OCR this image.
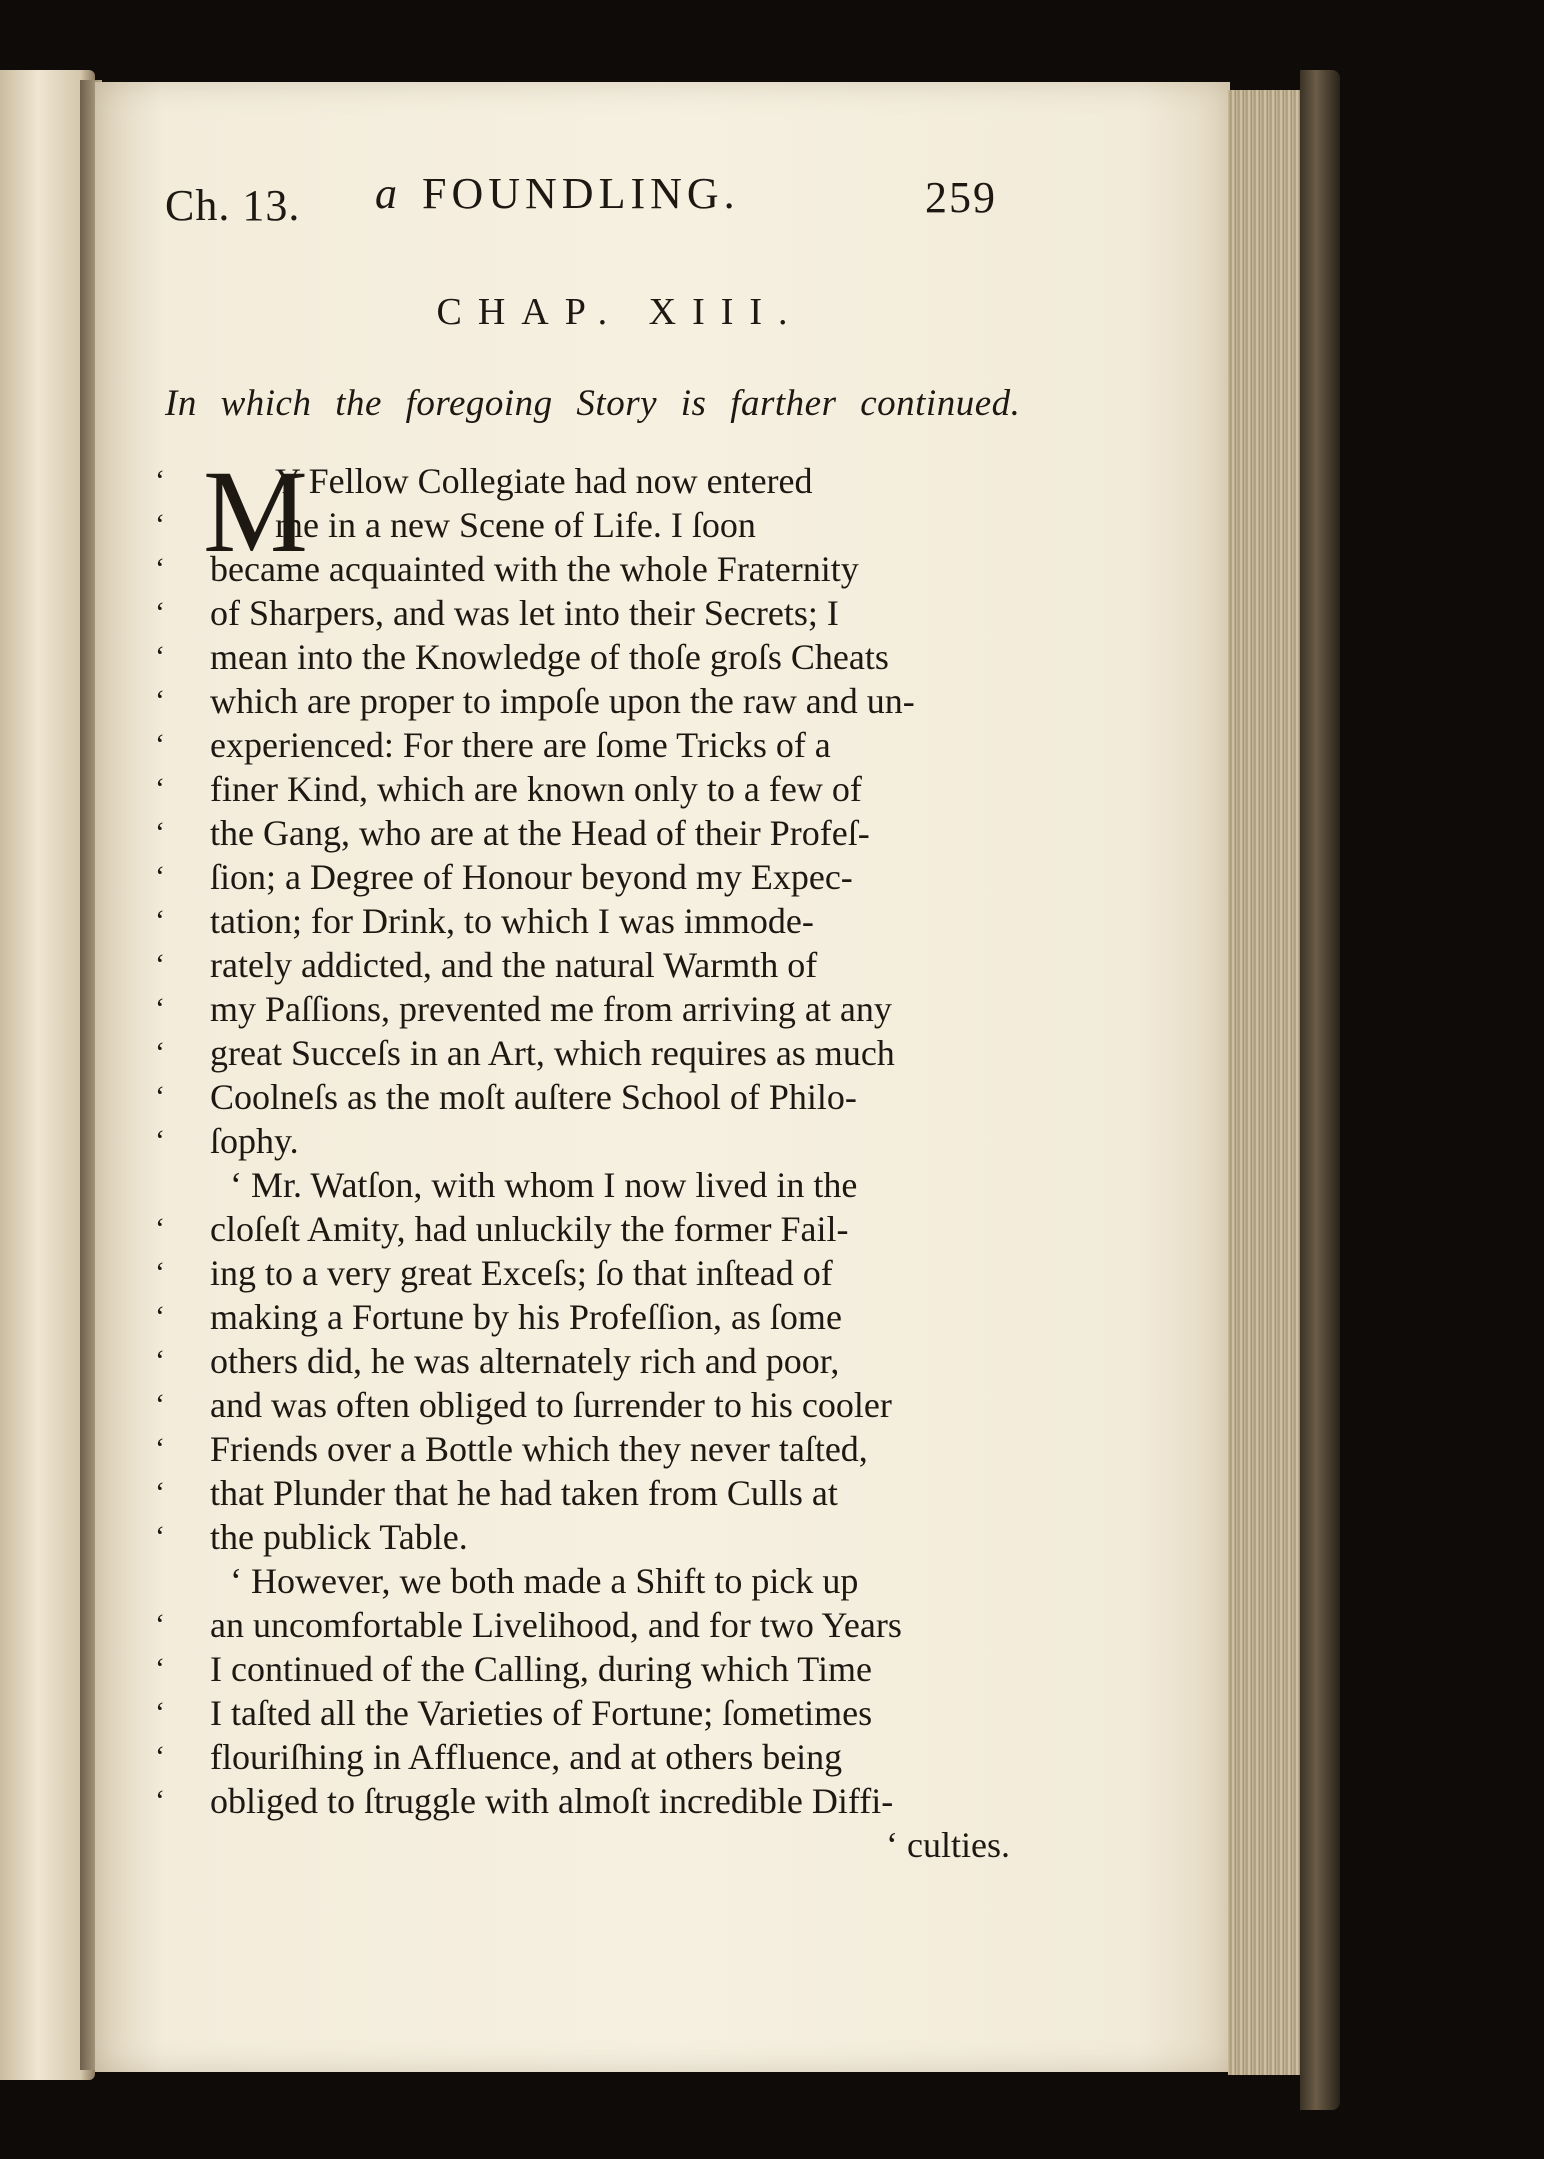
Ch. 13. a FOUNDLING.	259
CHAP. XIII.
In which the foregoing Story is farther continued.
M
‘	Y Fellow Collegiate had now entered
‘	me in a new Scene of Life. I ſoon
‘ became acquainted with the whole Fraternity
‘ of Sharpers, and was let into their Secrets; I
‘ mean into the Knowledge of thoſe groſs Cheats
‘ which are proper to impoſe upon the raw and un-
‘ experienced: For there are ſome Tricks of a
‘ finer Kind, which are known only to a few of
‘ the Gang, who are at the Head of their Profeſ-
‘ ſion; a Degree of Honour beyond my Expec-
‘ tation; for Drink, to which I was immode-
‘ rately addicted, and the natural Warmth of
‘ my Paſſions, prevented me from arriving at any
‘ great Succeſs in an Art, which requires as much
‘ Coolneſs as the moſt auſtere School of Philo-
‘ ſophy.
‘ Mr. Watſon, with whom I now lived in the
‘ cloſeſt Amity, had unluckily the former Fail-
‘ ing to a very great Exceſs; ſo that inſtead of
‘ making a Fortune by his Profeſſion, as ſome
‘ others did, he was alternately rich and poor,
‘ and was often obliged to ſurrender to his cooler
‘ Friends over a Bottle which they never taſted,
‘ that Plunder that he had taken from Culls at
‘ the publick Table.
‘ However, we both made a Shift to pick up
‘ an uncomfortable Livelihood, and for two Years
‘ I continued of the Calling, during which Time
‘ I taſted all the Varieties of Fortune; ſometimes
‘ flouriſhing in Affluence, and at others being
‘ obliged to ſtruggle with almoſt incredible Diffi-
‘ culties.
